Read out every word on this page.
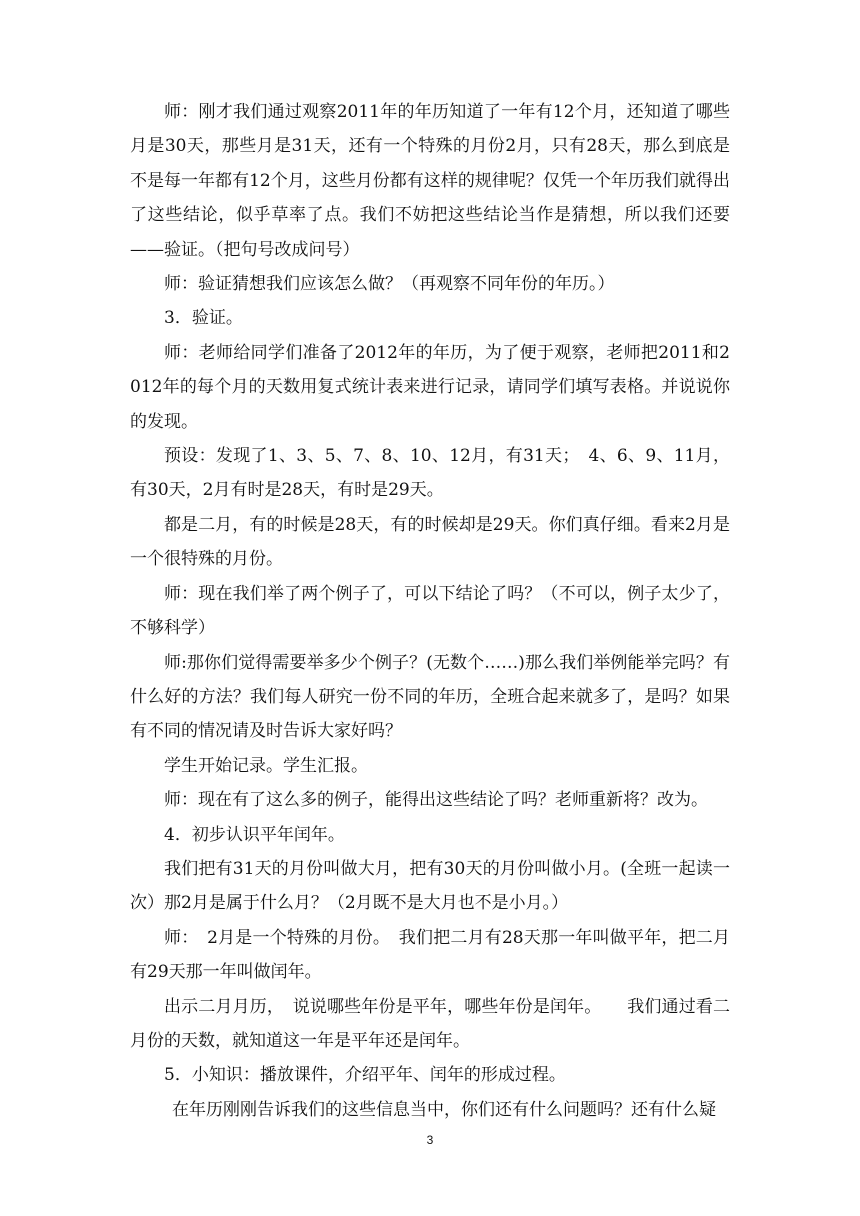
师：刚才我们通过观察2011年的年历知道了一年有12个月，还知道了哪些月是30天，那些月是31天，还有一个特殊的月份2月，只有28天，那么到底是不是每一年都有12个月，这些月份都有这样的规律呢？仅凭一个年历我们就得出了这些结论，似乎草率了点。我们不妨把这些结论当作是猜想，所以我们还要——验证。（把句号改成问号）

师：验证猜想我们应该怎么做？（再观察不同年份的年历。）

3．验证。

师：老师给同学们准备了2012年的年历，为了便于观察，老师把2011和2012年的每个月的天数用复式统计表来进行记录，请同学们填写表格。并说说你的发现。

预设：发现了1、3、5、7、8、10、12月，有31天；　4、6、9、11月，有30天，2月有时是28天，有时是29天。

都是二月，有的时候是28天，有的时候却是29天。你们真仔细。看来2月是一个很特殊的月份。

师：现在我们举了两个例子了，可以下结论了吗？（不可以，例子太少了，不够科学）

师:那你们觉得需要举多少个例子？(无数个……)那么我们举例能举完吗？有什么好的方法？我们每人研究一份不同的年历，全班合起来就多了，是吗？如果有不同的情况请及时告诉大家好吗？

学生开始记录。学生汇报。

师：现在有了这么多的例子，能得出这些结论了吗？老师重新将？改为。

4．初步认识平年闰年。

我们把有31天的月份叫做大月，把有30天的月份叫做小月。(全班一起读一次）那2月是属于什么月？（2月既不是大月也不是小月。）

师：　2月是一个特殊的月份。　我们把二月有28天那一年叫做平年，把二月有29天那一年叫做闰年。

出示二月月历，　说说哪些年份是平年，哪些年份是闰年。　　我们通过看二月份的天数，就知道这一年是平年还是闰年。

5．小知识：播放课件，介绍平年、闰年的形成过程。

在年历刚刚告诉我们的这些信息当中，你们还有什么问题吗？还有什么疑

3
